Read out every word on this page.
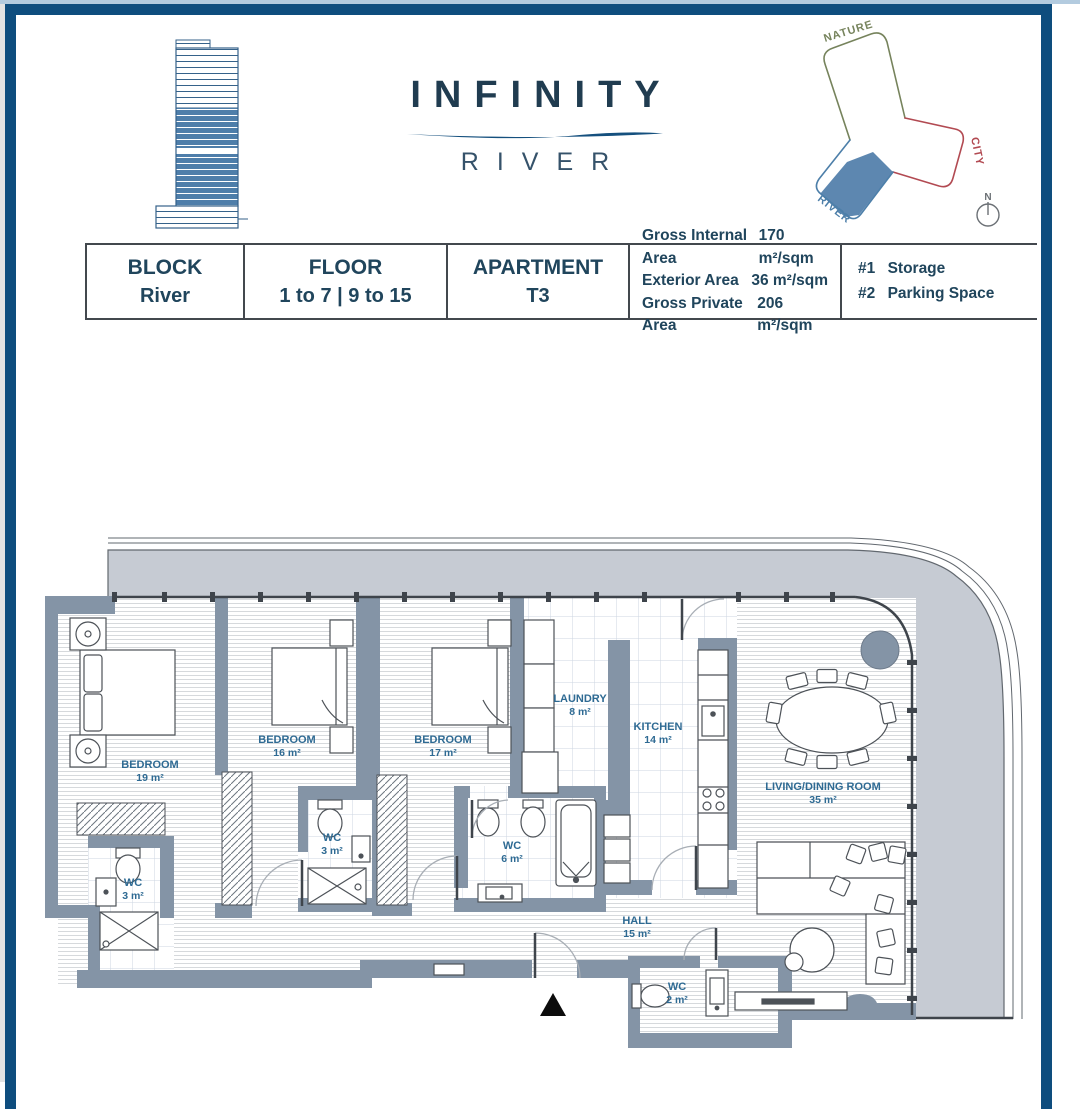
INFINITY
RIVER
NATURE
CITY
RIVER	N
BLOCK
River
FLOOR
1 to 7 | 9 to 15
APARTMENT
T3
Gross Internal Area
170 m²/sqm
Exterior Area 36 m²/sqm
Gross Private Area
206 m²/sqm
#1 Storage
#2 Parking Space
BEDROOM
19 m²
BEDROOM
16 m²
BEDROOM
17 m²
LAUNDRY
8 m²
KITCHEN
14 m²
LIVING/DINING ROOM
35 m²
WC
3 m²
WC
3 m²	WC
6 m²
HALL
15 m²
WC
2 m²
